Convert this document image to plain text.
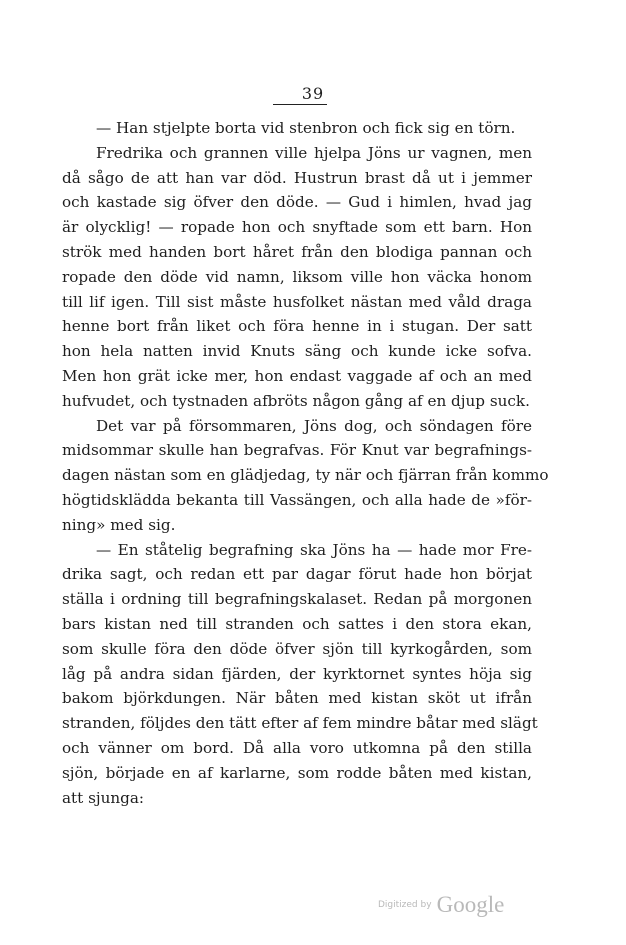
39
— Han stjelpte borta vid stenbron och fick sig en törn.
Fredrika och grannen ville hjelpa Jöns ur vagnen, men
då sågo de att han var död. Hustrun brast då ut i jemmer
och kastade sig öfver den döde. — Gud i himlen, hvad jag
är olycklig! — ropade hon och snyftade som ett barn. Hon
strök med handen bort håret från den blodiga pannan och
ropade den döde vid namn, liksom ville hon väcka honom
till lif igen. Till sist måste husfolket nästan med våld draga
henne bort från liket och föra henne in i stugan. Der satt
hon hela natten invid Knuts säng och kunde icke sofva.
Men hon grät icke mer, hon endast vaggade af och an med
hufvudet, och tystnaden afbröts någon gång af en djup suck.
Det var på försommaren, Jöns dog, och söndagen före
midsommar skulle han begrafvas. För Knut var begrafnings-
dagen nästan som en glädjedag, ty när och fjärran från kommo
högtidsklädda bekanta till Vassängen, och alla hade de »för-
ning» med sig.
— En ståtelig begrafning ska Jöns ha — hade mor Fre-
drika sagt, och redan ett par dagar förut hade hon börjat
ställa i ordning till begrafningskalaset. Redan på morgonen
bars kistan ned till stranden och sattes i den stora ekan,
som skulle föra den döde öfver sjön till kyrkogården, som
låg på andra sidan fjärden, der kyrktornet syntes höja sig
bakom björkdungen. När båten med kistan sköt ut ifrån
stranden, följdes den tätt efter af fem mindre båtar med slägt
och vänner om bord. Då alla voro utkomna på den stilla
sjön, började en af karlarne, som rodde båten med kistan,
att sjunga:
Digitized by Google
